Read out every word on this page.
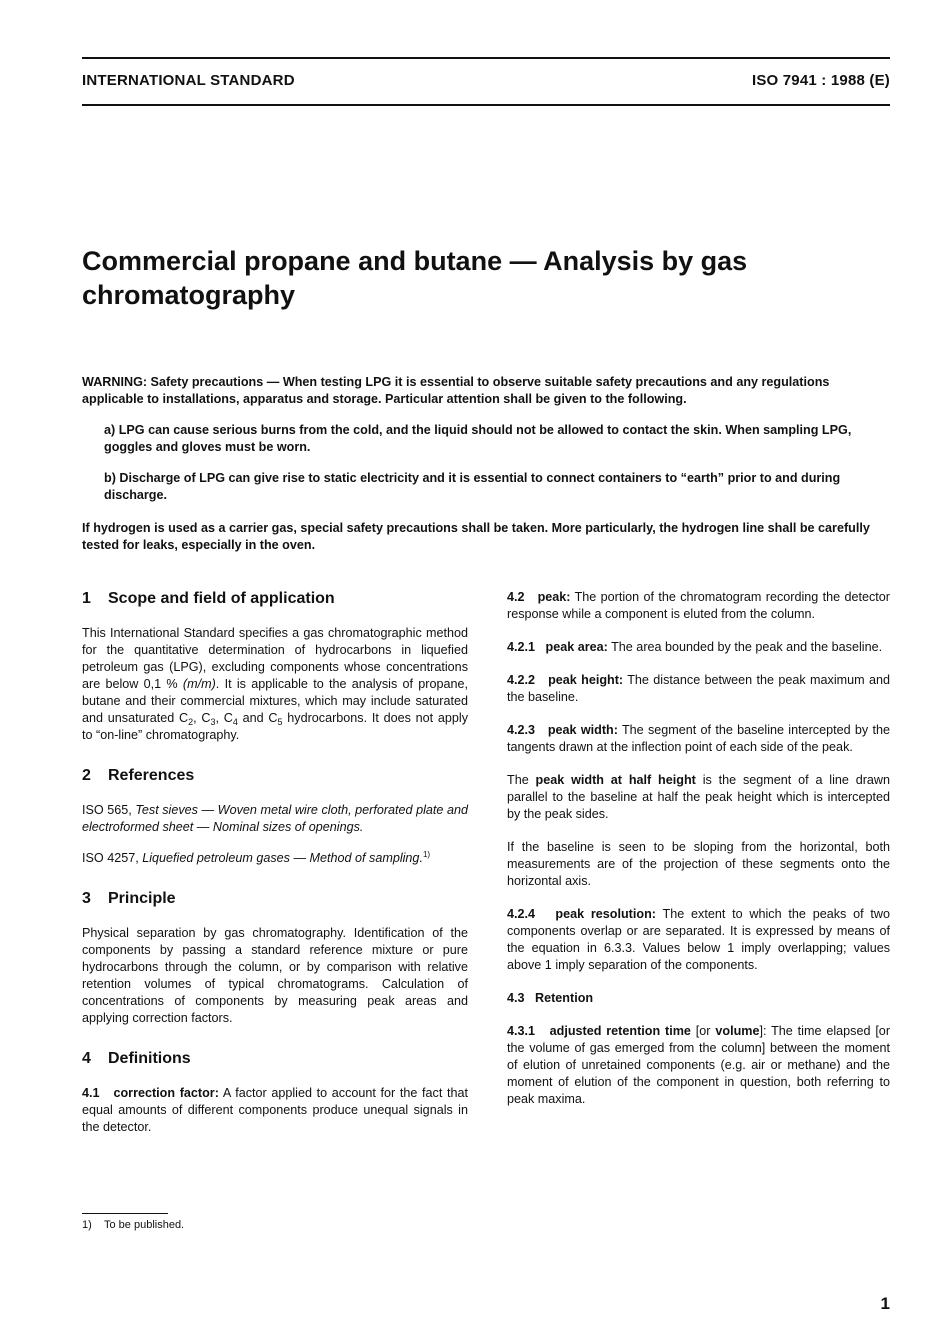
INTERNATIONAL STANDARD	ISO 7941 : 1988 (E)
Commercial propane and butane — Analysis by gas
chromatography

WARNING: Safety precautions — When testing LPG it is essential to observe suitable safety precautions and any regulations applicable to installations, apparatus and storage. Particular attention shall be given to the following.

a) LPG can cause serious burns from the cold, and the liquid should not be allowed to contact the skin. When sampling LPG, goggles and gloves must be worn.

b) Discharge of LPG can give rise to static electricity and it is essential to connect containers to “earth” prior to and during discharge.

If hydrogen is used as a carrier gas, special safety precautions shall be taken. More particularly, the hydrogen line shall be carefully tested for leaks, especially in the oven.

1 Scope and field of application

This International Standard specifies a gas chromatographic method for the quantitative determination of hydrocarbons in liquefied petroleum gas (LPG), excluding components whose concentrations are below 0,1 % (m/m). It is applicable to the analysis of propane, butane and their commercial mixtures, which may include saturated and unsaturated $C_2$, $C_3$, $C_4$ and $C_5$ hydrocarbons. It does not apply to “on-line” chromatography.

2 References

ISO 565, Test sieves — Woven metal wire cloth, perforated plate and electroformed sheet — Nominal sizes of openings.

ISO 4257, Liquefied petroleum gases — Method of sampling.$^{1)}$

3 Principle

Physical separation by gas chromatography. Identification of the components by passing a standard reference mixture or pure hydrocarbons through the column, or by comparison with relative retention volumes of typical chromatograms. Calculation of concentrations of components by measuring peak areas and applying correction factors.

4 Definitions

4.1 correction factor: A factor applied to account for the fact that equal amounts of different components produce unequal signals in the detector.

4.2 peak: The portion of the chromatogram recording the detector response while a component is eluted from the column.

4.2.1 peak area: The area bounded by the peak and the baseline.

4.2.2 peak height: The distance between the peak maximum and the baseline.

4.2.3 peak width: The segment of the baseline intercepted by the tangents drawn at the inflection point of each side of the peak.

The peak width at half height is the segment of a line drawn parallel to the baseline at half the peak height which is intercepted by the peak sides.

If the baseline is seen to be sloping from the horizontal, both measurements are of the projection of these segments onto the horizontal axis.

4.2.4 peak resolution: The extent to which the peaks of two components overlap or are separated. It is expressed by means of the equation in 6.3.3. Values below 1 imply overlapping; values above 1 imply separation of the components.

4.3 Retention

4.3.1 adjusted retention time [or volume]: The time elapsed [or the volume of gas emerged from the column] between the moment of elution of unretained components (e.g. air or methane) and the moment of elution of the component in question, both referring to peak maxima.

1) To be published.
1
